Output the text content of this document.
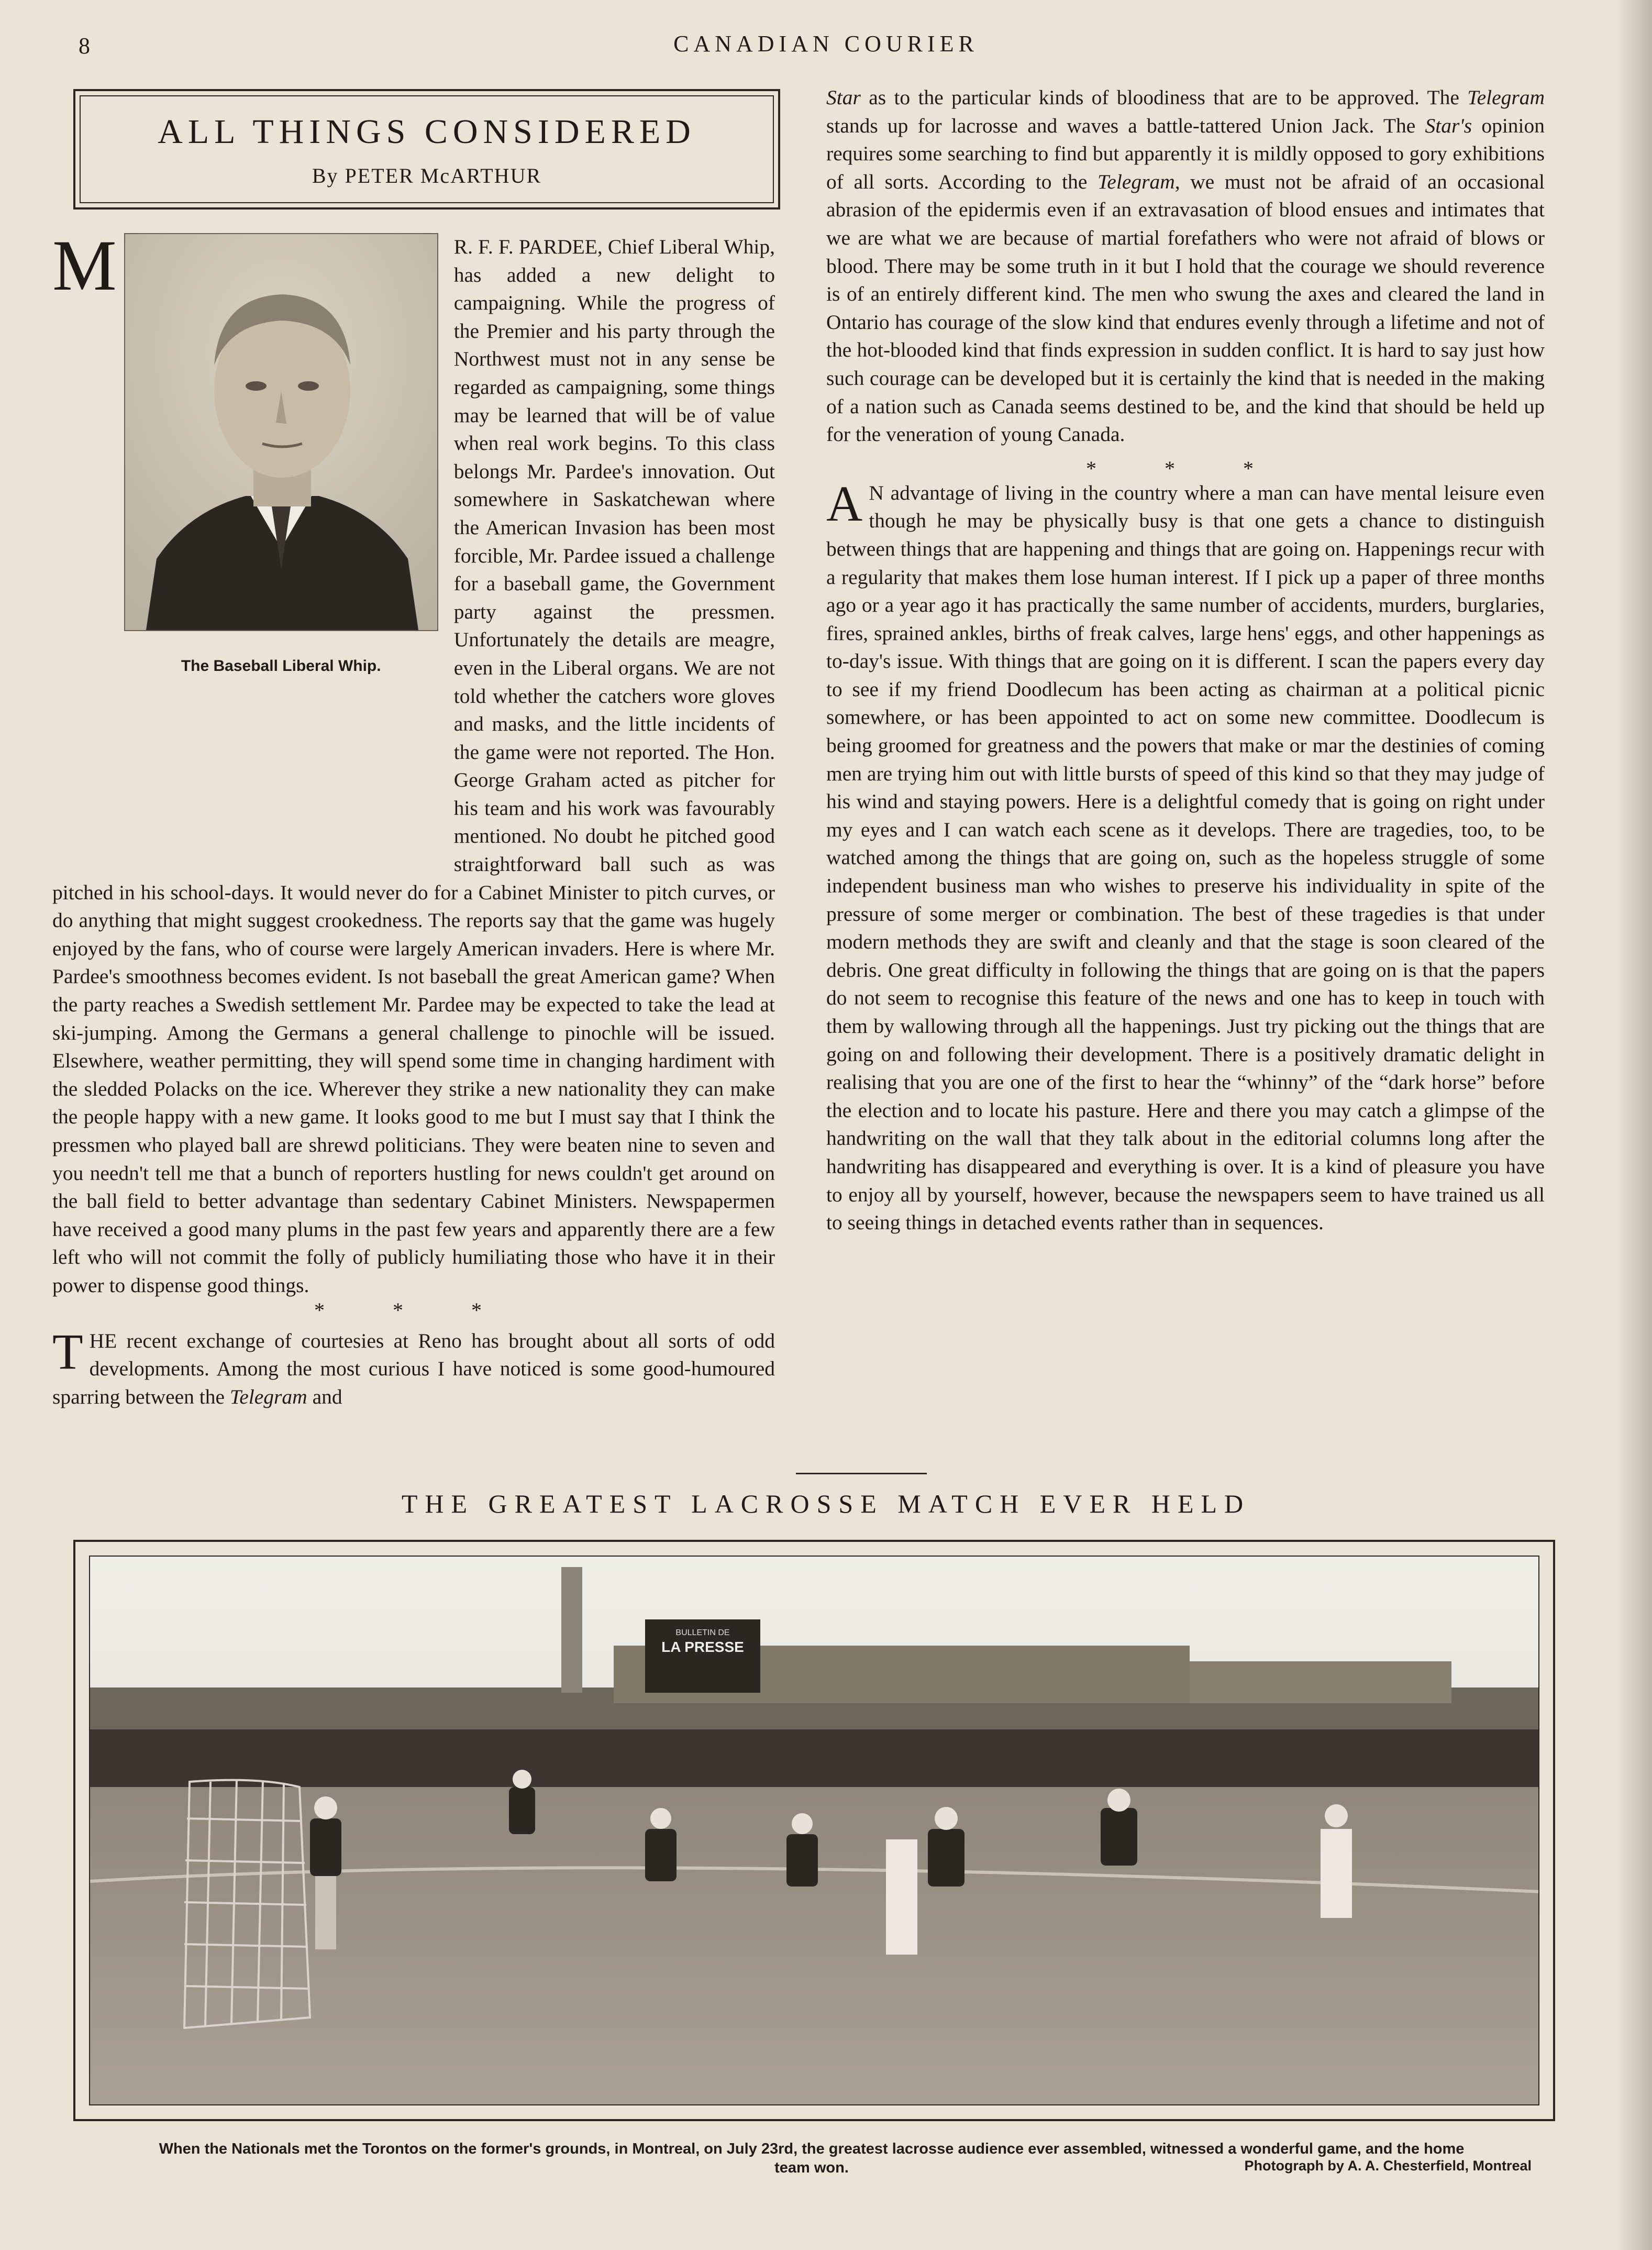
8	CANADIAN COURIER
ALL THINGS CONSIDERED
By PETER McARTHUR

M
The Baseball Liberal Whip.
R. F. F. PARDEE, Chief Liberal Whip, has added a new delight to campaigning. While the progress of the Premier and his party through the Northwest must not in any sense be regarded as campaigning, some things may be learned that will be of value when real work begins. To this class belongs Mr. Pardee's innovation. Out somewhere in Saskatchewan where the American Invasion has been most forcible, Mr. Pardee issued a challenge for a baseball game, the Government party against the pressmen. Unfortunately the details are meagre, even in the Liberal organs. We are not told whether the catchers wore gloves and masks, and the little incidents of the game were not reported. The Hon. George Graham acted as pitcher for his team and his work was favourably mentioned. No doubt he pitched good straightforward ball such as was pitched in his school-days. It would never do for a Cabinet Minister to pitch curves, or do anything that might suggest crookedness. The reports say that the game was hugely enjoyed by the fans, who of course were largely American invaders. Here is where Mr. Pardee's smoothness becomes evident. Is not baseball the great American game? When the party reaches a Swedish settlement Mr. Pardee may be expected to take the lead at ski-jumping. Among the Germans a general challenge to pinochle will be issued. Elsewhere, weather permitting, they will spend some time in changing hardiment with the sledded Polacks on the ice. Wherever they strike a new nationality they can make the people happy with a new game. It looks good to me but I must say that I think the pressmen who played ball are shrewd politicians. They were beaten nine to seven and you needn't tell me that a bunch of reporters hustling for news couldn't get around on the ball field to better advantage than sedentary Cabinet Ministers. Newspapermen have received a good many plums in the past few years and apparently there are a few left who will not commit the folly of publicly humiliating those who have it in their power to dispense good things.

* * *

T HE recent exchange of courtesies at Reno has brought about all sorts of odd developments. Among the most curious I have noticed is some good-humoured sparring between the Telegram and

Star as to the particular kinds of bloodiness that are to be approved. The Telegram stands up for lacrosse and waves a battle-tattered Union Jack. The Star's opinion requires some searching to find but apparently it is mildly opposed to gory exhibitions of all sorts. According to the Telegram, we must not be afraid of an occasional abrasion of the epidermis even if an extravasation of blood ensues and intimates that we are what we are because of martial forefathers who were not afraid of blows or blood. There may be some truth in it but I hold that the courage we should reverence is of an entirely different kind. The men who swung the axes and cleared the land in Ontario has courage of the slow kind that endures evenly through a lifetime and not of the hot-blooded kind that finds expression in sudden conflict. It is hard to say just how such courage can be developed but it is certainly the kind that is needed in the making of a nation such as Canada seems destined to be, and the kind that should be held up for the veneration of young Canada.

* * *

A N advantage of living in the country where a man can have mental leisure even though he may be physically busy is that one gets a chance to distinguish between things that are happening and things that are going on. Happenings recur with a regularity that makes them lose human interest. If I pick up a paper of three months ago or a year ago it has practically the same number of accidents, murders, burglaries, fires, sprained ankles, births of freak calves, large hens' eggs, and other happenings as to-day's issue. With things that are going on it is different. I scan the papers every day to see if my friend Doodlecum has been acting as chairman at a political picnic somewhere, or has been appointed to act on some new committee. Doodlecum is being groomed for greatness and the powers that make or mar the destinies of coming men are trying him out with little bursts of speed of this kind so that they may judge of his wind and staying powers. Here is a delightful comedy that is going on right under my eyes and I can watch each scene as it develops. There are tragedies, too, to be watched among the things that are going on, such as the hopeless struggle of some independent business man who wishes to preserve his individuality in spite of the pressure of some merger or combination. The best of these tragedies is that under modern methods they are swift and cleanly and that the stage is soon cleared of the debris. One great difficulty in following the things that are going on is that the papers do not seem to recognise this feature of the news and one has to keep in touch with them by wallowing through all the happenings. Just try picking out the things that are going on and following their development. There is a positively dramatic delight in realising that you are one of the first to hear the “whinny” of the “dark horse” before the election and to locate his pasture. Here and there you may catch a glimpse of the handwriting on the wall that they talk about in the editorial columns long after the handwriting has disappeared and everything is over. It is a kind of pleasure you have to enjoy all by yourself, however, because the newspapers seem to have trained us all to seeing things in detached events rather than in sequences.

THE GREATEST LACROSSE MATCH EVER HELD
BULLETIN DE
LA PRESSE
When the Nationals met the Torontos on the former's grounds, in Montreal, on July 23rd, the greatest lacrosse audience ever assembled, witnessed a wonderful game, and the home team won.	Photograph by A. A. Chesterfield, Montreal
